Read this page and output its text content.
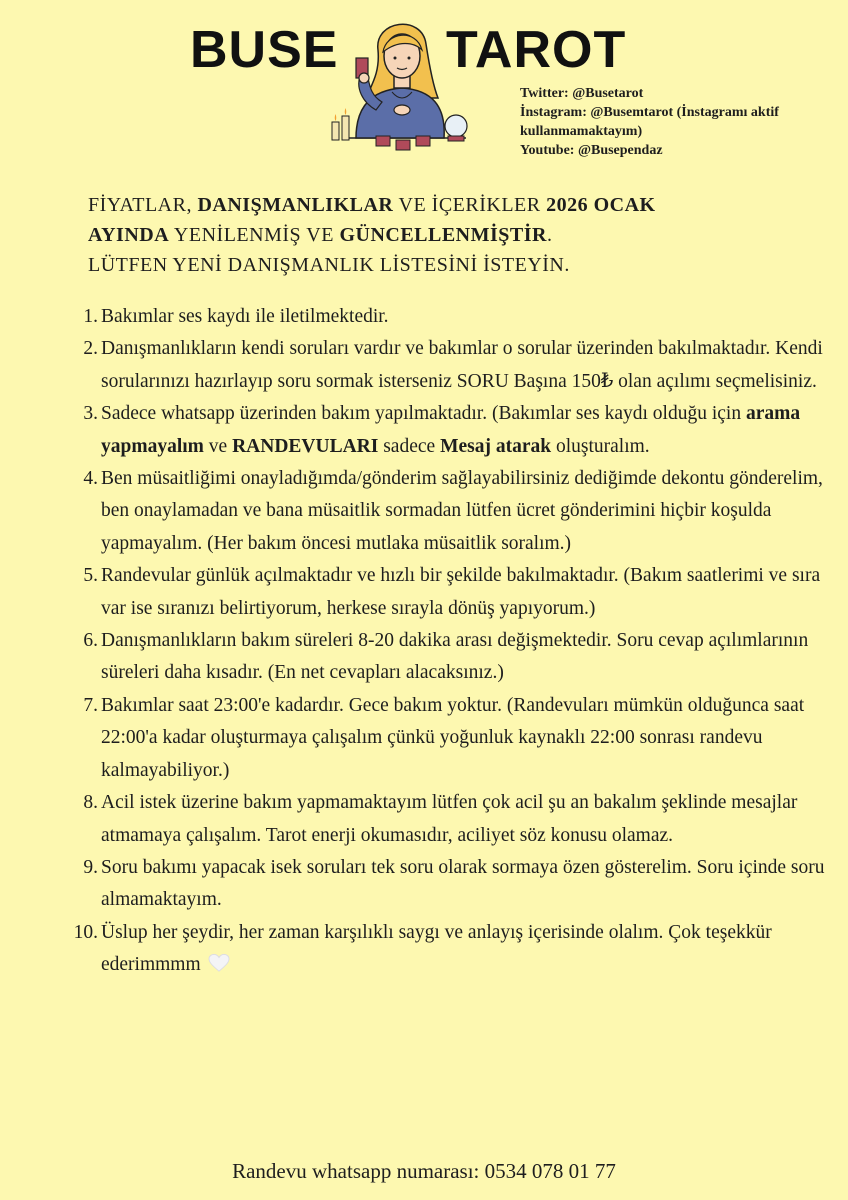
BUSE TAROT
Twitter: @Busetarot
İnstagram: @Busemtarot (İnstagramı aktif kullanmamaktayım)
Youtube: @Busependaz

FİYATLAR, DANIŞMANLIKLAR VE İÇERİKLER 2026 OCAK

AYINDA YENİLENMİŞ VE GÜNCELLENMİŞTİR.

LÜTFEN YENİ DANIŞMANLIK LİSTESİNİ İSTEYİN.

1. Bakımlar ses kaydı ile iletilmektedir.
2. Danışmanlıkların kendi soruları vardır ve bakımlar o sorular üzerinden bakılmaktadır. Kendi sorularınızı hazırlayıp soru sormak isterseniz SORU Başına 150₺ olan açılımı seçmelisiniz.
3. Sadece whatsapp üzerinden bakım yapılmaktadır. (Bakımlar ses kaydı olduğu için arama yapmayalım ve RANDEVULARI sadece Mesaj atarak oluşturalım.
4. Ben müsaitliğimi onayladığımda/gönderim sağlayabilirsiniz dediğimde dekontu gönderelim, ben onaylamadan ve bana müsaitlik sormadan lütfen ücret gönderimini hiçbir koşulda yapmayalım. (Her bakım öncesi mutlaka müsaitlik soralım.)
5. Randevular günlük açılmaktadır ve hızlı bir şekilde bakılmaktadır. (Bakım saatlerimi ve sıra var ise sıranızı belirtiyorum, herkese sırayla dönüş yapıyorum.)
6. Danışmanlıkların bakım süreleri 8-20 dakika arası değişmektedir. Soru cevap açılımlarının süreleri daha kısadır. (En net cevapları alacaksınız.)
7. Bakımlar saat 23:00'e kadardır. Gece bakım yoktur. (Randevuları mümkün olduğunca saat 22:00'a kadar oluşturmaya çalışalım çünkü yoğunluk kaynaklı 22:00 sonrası randevu kalmayabiliyor.)
8. Acil istek üzerine bakım yapmamaktayım lütfen çok acil şu an bakalım şeklinde mesajlar atmamaya çalışalım. Tarot enerji okumasıdır, aciliyet söz konusu olamaz.
9. Soru bakımı yapacak isek soruları tek soru olarak sormaya özen gösterelim. Soru içinde soru almamaktayım.
10. Üslup her şeydir, her zaman karşılıklı saygı ve anlayış içerisinde olalım. Çok teşekkür ederimmmm
Randevu whatsapp numarası: 0534 078 01 77
